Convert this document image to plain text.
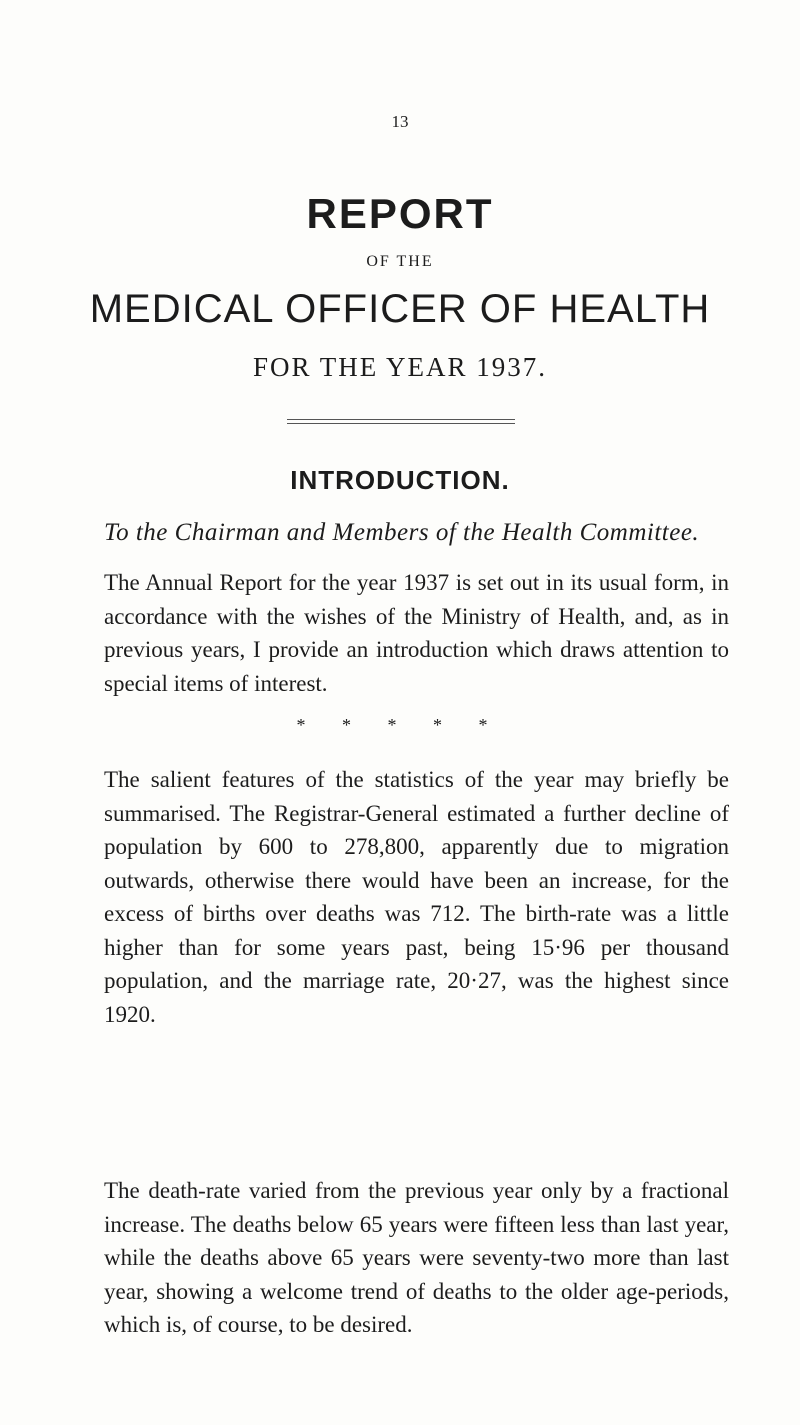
13
REPORT
OF THE
MEDICAL OFFICER OF HEALTH
FOR THE YEAR 1937.
INTRODUCTION.
To the Chairman and Members of the Health Committee.

The Annual Report for the year 1937 is set out in its usual form, in accordance with the wishes of the Ministry of Health, and, as in previous years, I provide an introduction which draws attention to special items of interest.

* * * * *

The salient features of the statistics of the year may briefly be summarised. The Registrar-General estimated a further decline of population by 600 to 278,800, apparently due to migration outwards, otherwise there would have been an increase, for the excess of births over deaths was 712. The birth-rate was a little higher than for some years past, being 15·96 per thousand population, and the marriage rate, 20·27, was the highest since 1920.

The death-rate varied from the previous year only by a fractional increase. The deaths below 65 years were fifteen less than last year, while the deaths above 65 years were seventy-two more than last year, showing a welcome trend of deaths to the older age-periods, which is, of course, to be desired.
